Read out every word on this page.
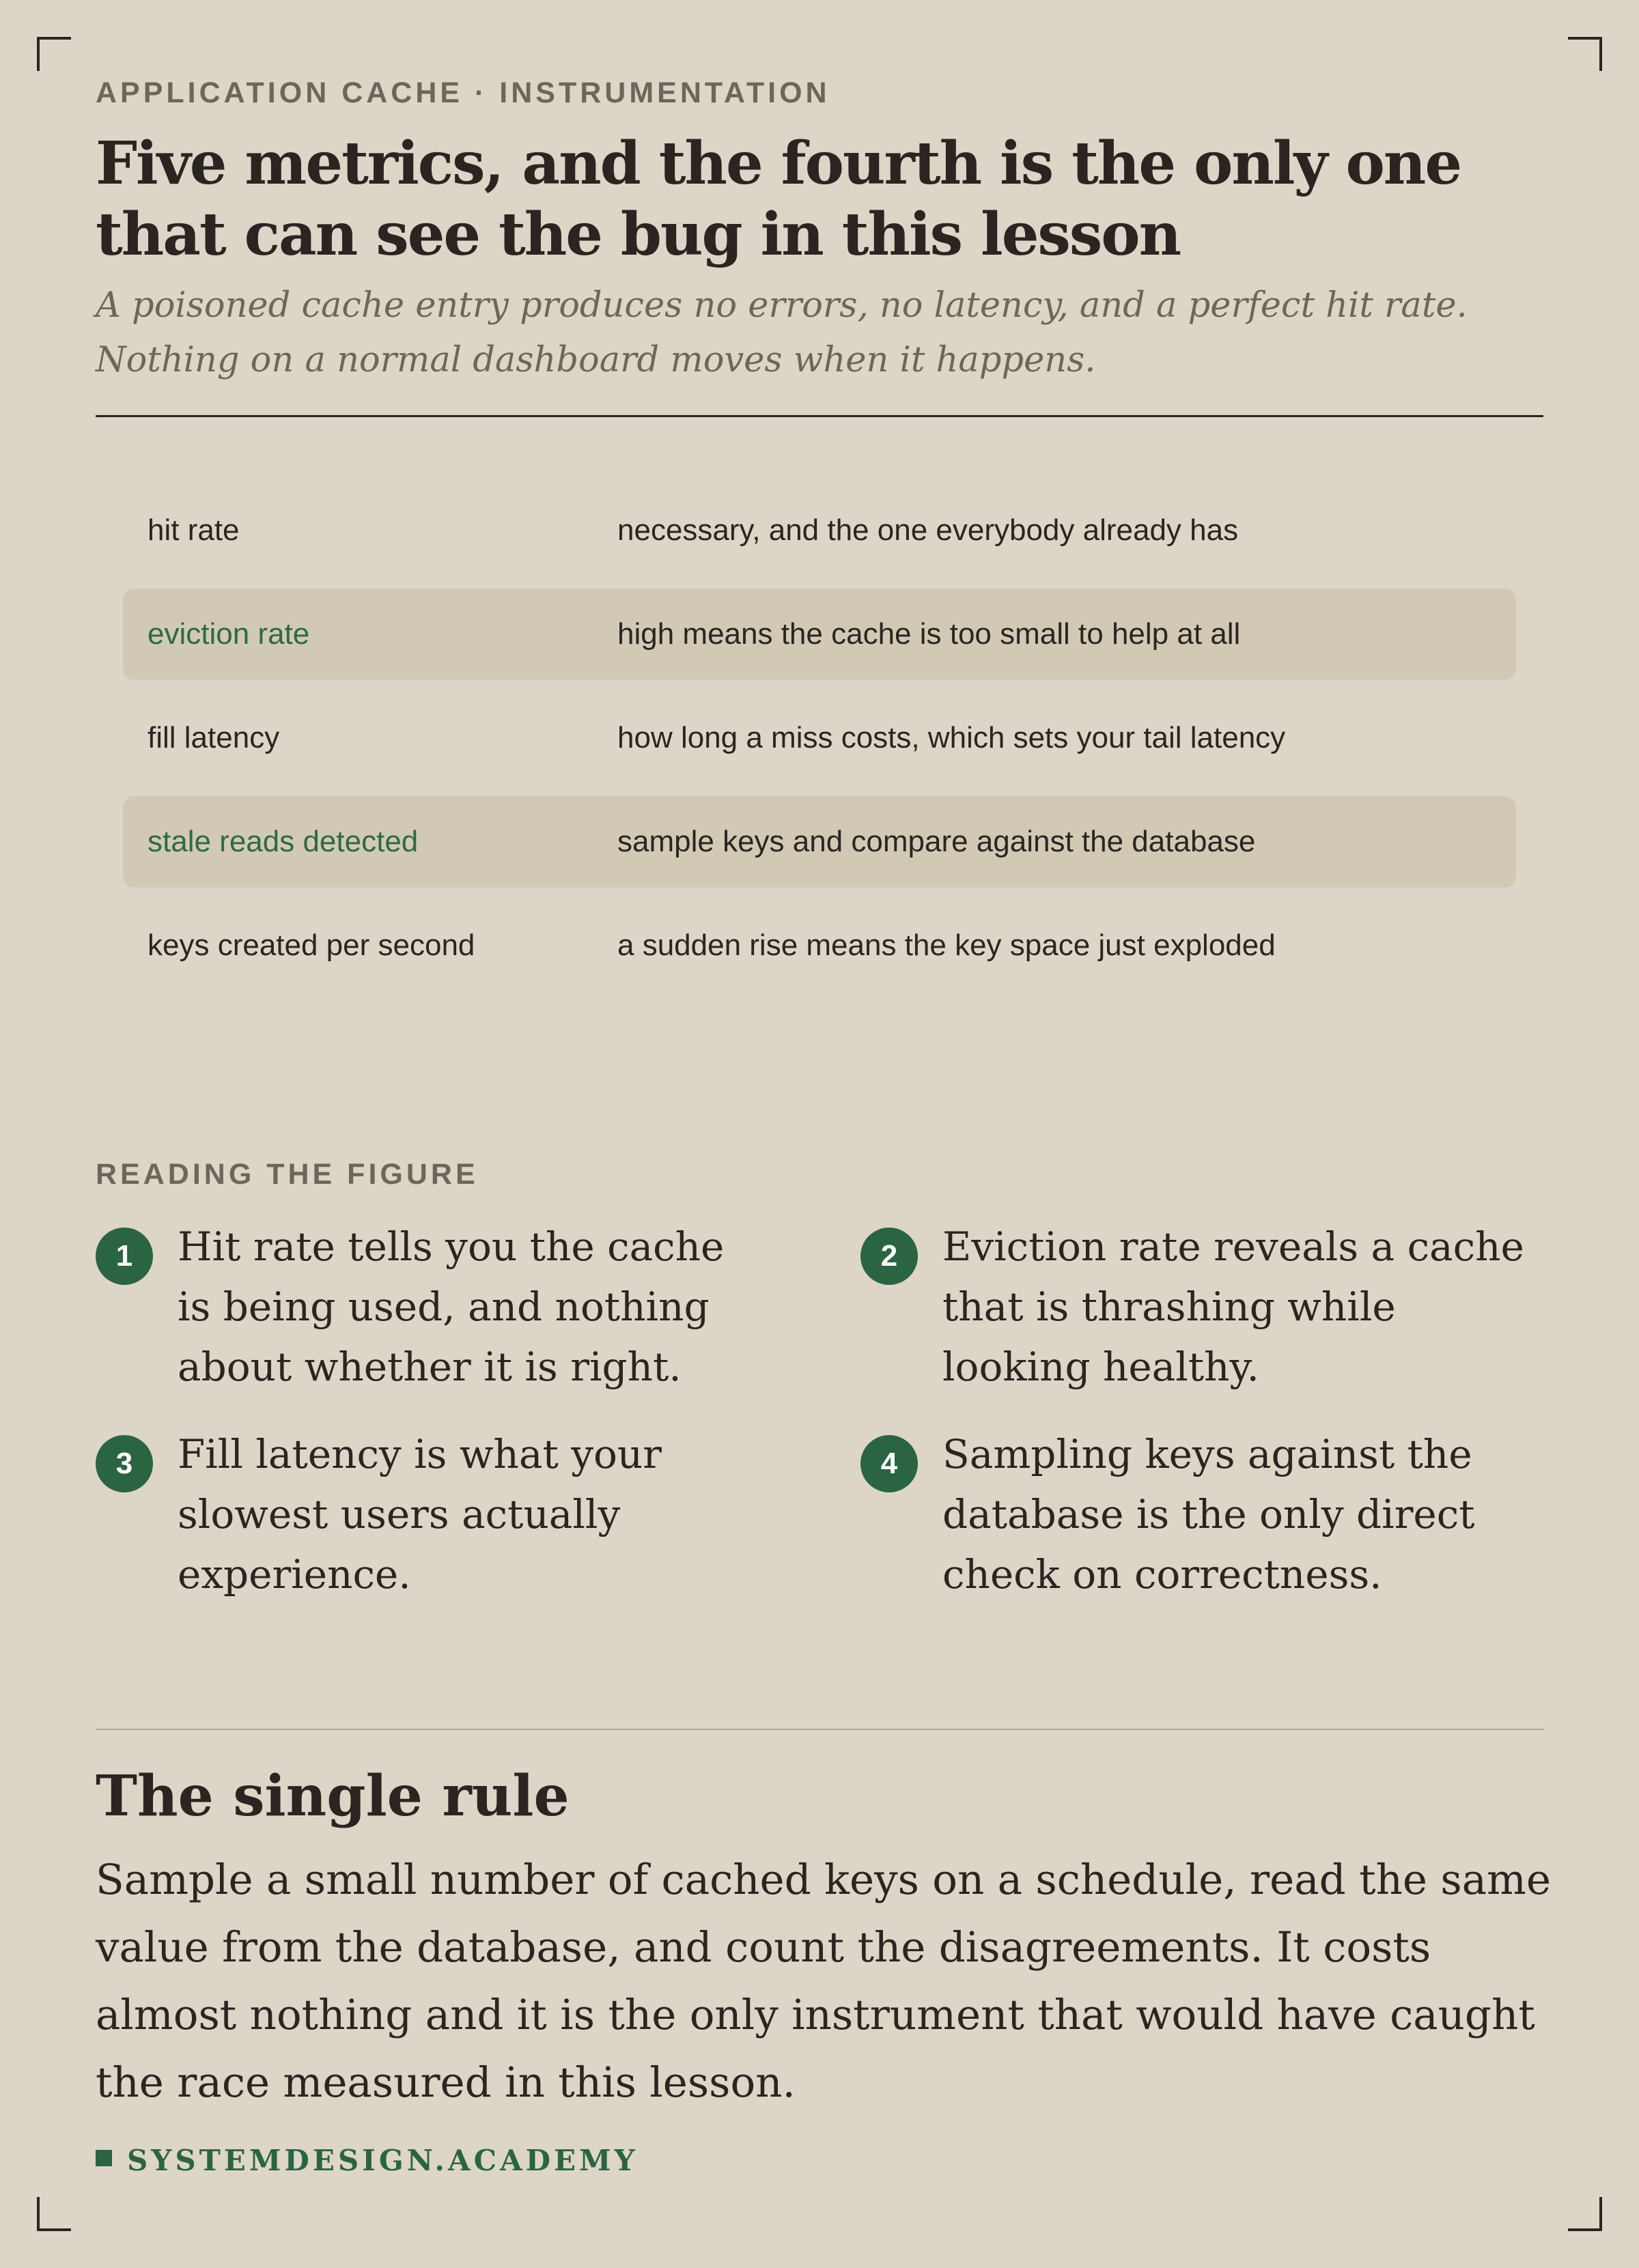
APPLICATION CACHE · INSTRUMENTATION
Five metrics, and the fourth is the only one that can see the bug in this lesson

A poisoned cache entry produces no errors, no latency, and a perfect hit rate. Nothing on a normal dashboard moves when it happens.

hit rate	necessary, and the one everybody already has
eviction rate	high means the cache is too small to help at all
fill latency	how long a miss costs, which sets your tail latency
stale reads detected	sample keys and compare against the database
keys created per second	a sudden rise means the key space just exploded
READING THE FIGURE
1	Hit rate tells you the cache is being used, and nothing about whether it is right.
2	Eviction rate reveals a cache that is thrashing while looking healthy.
3	Fill latency is what your slowest users actually experience.
4	Sampling keys against the database is the only direct check on correctness.
The single rule

Sample a small number of cached keys on a schedule, read the same value from the database, and count the disagreements. It costs almost nothing and it is the only instrument that would have caught the race measured in this lesson.

SYSTEMDESIGN.ACADEMY
